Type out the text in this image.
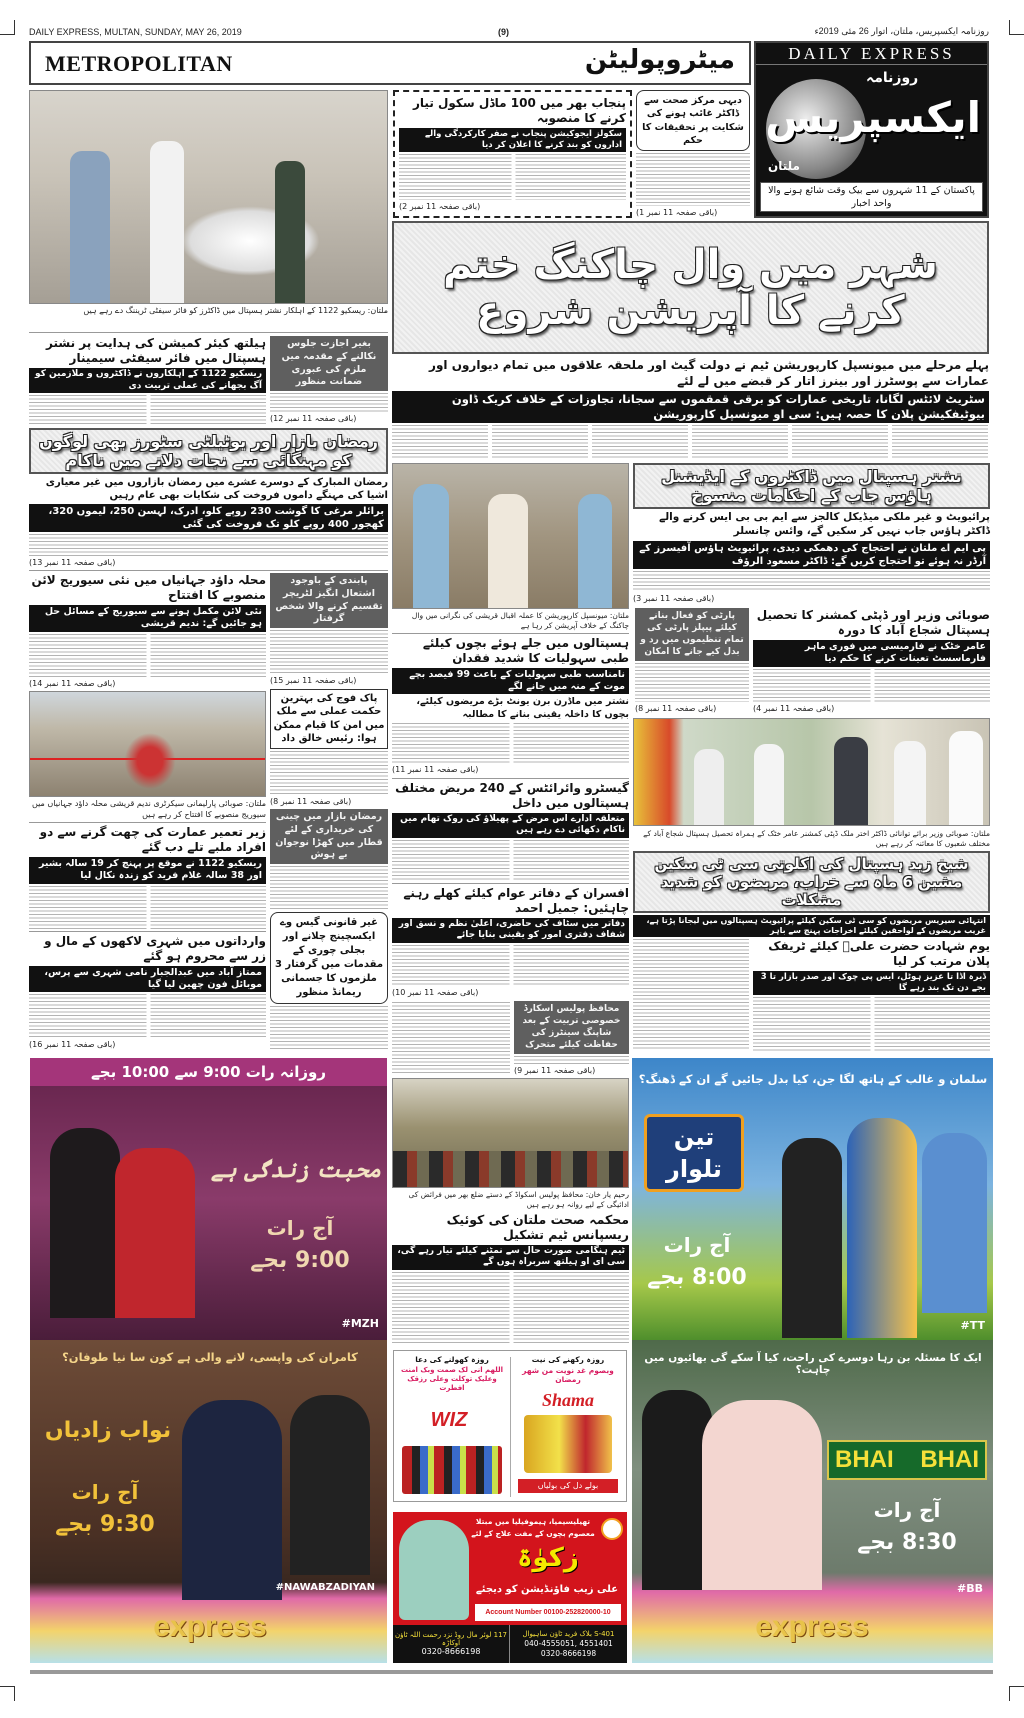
DAILY EXPRESS, MULTAN, SUNDAY, MAY 26, 2019	(9)	روزنامہ ایکسپریس، ملتان، اتوار 26 مئی 2019ء
METROPOLITAN	میٹروپولیٹن	DAILY EXPRESS
روزنامہ
ملتان
ایکسپریس
پاکستان کے 11 شہروں سے بیک وقت شائع ہونے والا واحد اخبار
ملتان: ریسکیو 1122 کے اہلکار نشتر ہسپتال میں ڈاکٹرز کو فائر سیفٹی ٹریننگ دے رہے ہیں
ہیلتھ کیئر کمیشن کی ہدایت پر نشتر ہسپتال میں فائر سیفٹی سیمینار
ریسکیو 1122 کے اہلکاروں نے ڈاکٹروں و ملازمین کو آگ بجھانے کی عملی تربیت دی
بغیر اجازت جلوس نکالنے کے مقدمہ میں ملزم کی عبوری ضمانت منظور
(باقی صفحہ 11 نمبر 12)
رمضان بازار اور یوٹیلٹی سٹورز بھی لوگوں کو مہنگائی سے نجات دلانے میں ناکام
رمضان المبارک کے دوسرے عشرے میں رمضان بازاروں میں غیر معیاری اشیا کی مہنگے داموں فروخت کی شکایات بھی عام رہیں
برائلر مرغی کا گوشت 230 روپے کلو، ادرک، لہسن 250، لیموں 320، کھجور 400 روپے کلو تک فروخت کی گئی
(باقی صفحہ 11 نمبر 13)
محلہ داؤد جہانیاں میں نئی سیوریج لائن منصوبے کا افتتاح
نئی لائن مکمل ہونے سے سیوریج کے مسائل حل ہو جائیں گے: ندیم قریشی
(باقی صفحہ 11 نمبر 14)
ملتان: صوبائی پارلیمانی سیکرٹری ندیم قریشی محلہ داؤد جہانیاں میں سیوریج منصوبے کا افتتاح کر رہے ہیں
زیر تعمیر عمارت کی چھت گرنے سے دو افراد ملبے تلے دب گئے
ریسکیو 1122 نے موقع پر پہنچ کر 19 سالہ بشیر اور 38 سالہ غلام فرید کو زندہ نکال لیا
وارداتوں میں شہری لاکھوں کے مال و زر سے محروم ہو گئے
ممتاز آباد میں عبدالجبار نامی شہری سے پرس، موبائل فون چھین لیا گیا
(باقی صفحہ 11 نمبر 16)
پابندی کے باوجود اشتعال انگیز لٹریچر تقسیم کرنے والا شخص گرفتار
(باقی صفحہ 11 نمبر 15)
پاک فوج کی بہترین حکمت عملی سے ملک میں امن کا قیام ممکن ہوا: رئیس خالق داد
(باقی صفحہ 11 نمبر 8)
رمضان بازار میں چینی کی خریداری کے لئے قطار میں کھڑا نوجوان بے ہوش
غیر قانونی گیس وے ایکسچینج چلانے اور بجلی چوری کے مقدمات میں گرفتار 3 ملزموں کا جسمانی ریمانڈ منظور
پنجاب بھر میں 100 ماڈل سکول تیار کرنے کا منصوبہ
سکولز ایجوکیشن پنجاب نے صفر کارکردگی والے اداروں کو بند کرنے کا اعلان کر دیا
(باقی صفحہ 11 نمبر 2)
دیہی مرکز صحت سے ڈاکٹر غائب ہونے کی شکایت پر تحقیقات کا حکم
(باقی صفحہ 11 نمبر 1)
شہر میں وال چاکنگ ختم کرنے کا آپریشن شروع
پہلے مرحلے میں میونسپل کارپوریشن ٹیم نے دولت گیٹ اور ملحقہ علاقوں میں تمام دیواروں اور عمارات سے پوسٹرز اور بینرز اتار کر قبضے میں لے لئے
سٹریٹ لائٹس لگانا، تاریخی عمارات کو برقی قمقموں سے سجانا، تجاوزات کے خلاف کریک ڈاون بیوٹیفکیشن پلان کا حصہ ہیں: سی او میونسپل کارپوریشن
ملتان: میونسپل کارپوریشن کا عملہ اقبال قریشی کی نگرانی میں وال چاکنگ کے خلاف آپریشن کر رہا ہے
ہسپتالوں میں جلے ہوئے بچوں کیلئے طبی سہولیات کا شدید فقدان
نامناسب طبی سہولیات کے باعث 99 فیصد بچے موت کے منہ میں جانے لگے
نشتر میں ماڈرن برن یونٹ بڑے مریضوں کیلئے، بچوں کا داخلہ یقینی بنانے کا مطالبہ
(باقی صفحہ 11 نمبر 11)
گیسٹرو وائرائٹس کے 240 مریض مختلف ہسپتالوں میں داخل
متعلقہ ادارے اس مرض کے پھیلاؤ کی روک تھام میں ناکام دکھائی دے رہے ہیں
افسران کے دفاتر عوام کیلئے کھلے رہنے چاہئیں: جمیل احمد
دفاتر میں سٹاف کی حاضری، اعلیٰ نظم و نسق اور شفاف دفتری امور کو یقینی بنایا جائے
(باقی صفحہ 11 نمبر 10)
محافظ پولیس اسکارڈ خصوصی تربیت کے بعد شاپنگ سینٹرز کی حفاظت کیلئے متحرک
(باقی صفحہ 11 نمبر 9)
رحیم یار خان: محافظ پولیس اسکواڈ کے دستے ضلع بھر میں فرائض کی ادائیگی کے لیے روانہ ہو رہے ہیں
محکمہ صحت ملتان کی کوئیک ریسپانس ٹیم تشکیل
ٹیم ہنگامی صورت حال سے نمٹنے کیلئے تیار رہے گی، سی ای او ہیلتھ سربراہ ہوں گے
نشتر ہسپتال میں ڈاکٹروں کے ایڈیشنل ہاؤس جاب کے احکامات منسوخ
پرائیویٹ و غیر ملکی میڈیکل کالجز سے ایم بی بی ایس کرنے والے ڈاکٹر ہاؤس جاب نہیں کر سکیں گے، وائس چانسلر
پی ایم اے ملتان نے احتجاج کی دھمکی دیدی، پرائیویٹ ہاؤس آفیسرز کے آرڈر نہ ہوئے تو احتجاج کریں گے: ڈاکٹر مسعود الرؤف
(باقی صفحہ 11 نمبر 3)
پارٹی کو فعال بنانے کیلئے پیپلز پارٹی کی تمام تنظیموں میں رد و بدل کیے جانے کا امکان
(باقی صفحہ 11 نمبر 8)
صوبائی وزیر اور ڈپٹی کمشنر کا تحصیل ہسپتال شجاع آباد کا دورہ
عامر خٹک نے فارمیسی میں فوری ماہر فارماسسٹ تعینات کرنے کا حکم دیا
(باقی صفحہ 11 نمبر 4)
ملتان: صوبائی وزیر برائے توانائی ڈاکٹر اختر ملک ڈپٹی کمشنر عامر خٹک کے ہمراہ تحصیل ہسپتال شجاع آباد کے مختلف شعبوں کا معائنہ کر رہے ہیں
شیخ زید ہسپتال کی اکلوتی سی ٹی سکین مشین 6 ماہ سے خراب، مریضوں کو شدید مشکلات
انتہائی سیریس مریضوں کو سی ٹی سکین کیلئے پرائیویٹ ہسپتالوں میں لیجانا پڑتا ہے، غریب مریضوں کے لواحقین کیلئے اخراجات پہنچ سے باہر
یوم شہادت حضرت علیؓ کیلئے ٹریفک پلان مرتب کر لیا
ڈیرہ اڈا تا عزیز ہوٹل، ایس پی چوک اور صدر بازار تا 3 بجے دن تک بند رہے گا
روزانہ رات 9:00 سے 10:00 بجے
محبت زندگی ہے
آج رات
9:00 بجے
#MZH
کامران کی واپسی، لانے والی ہے کون سا نیا طوفان؟
نواب زادیاں
آج رات
9:30 بجے
#NAWABZADIYAN
express
سلمان و غالب کے ہاتھ لگا جن، کیا بدل جائیں گے ان کے ڈھنگ؟
تین تلوار
آج رات
8:00 بجے
#TT
ایک کا مسئلہ بن رہا دوسرے کی راحت، کیا آ سکے گی بھائیوں میں چاہت؟
BHAI BHAI
آج رات
8:30 بجے
#BB
express
روزہ رکھنے کی نیت
وبصوم غد نویت من شهر رمضان
Shama
بولے دل کی بولیاں
روزہ کھولنے کی دعا
اللهم انی لک صمت وبک امنت وعلیک توکلت وعلی رزقک افطرت
WIZ
تھیلیسیمیا، ہیموفیلیا میں مبتلا
معصوم بچوں کے مفت علاج کے لئے
زکوٰۃ
علی زیب فاؤنڈیشن کو دیجئے
Account Number 00100-252820000-10
117 لوئر مال روڈ نزد رحمت اللہ ٹاؤن اوکاڑہ
0320-8666198
S-401 بلاک فرید ٹاؤن ساہیوال
040-4555051, 4551401
0320-8666198
